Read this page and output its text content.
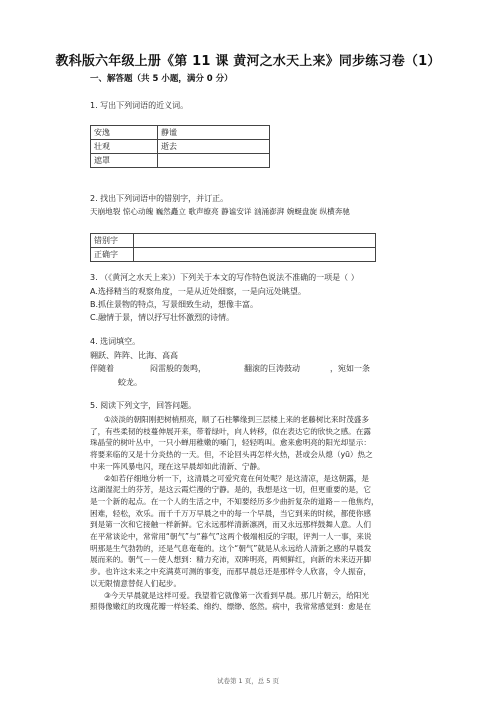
教科版六年级上册《第 11 课 黄河之水天上来》同步练习卷（1）
一、解答题（共 5 小题，满分 0 分）
1. 写出下列词语的近义词。
安逸	静谧
壮观	逝去
遮罩	
2. 找出下列词语中的错别字，并订正。
天崩地裂 惊心动魄 巍然矗立 歌声缭亮 静谧安详 汹涌澎湃 婉蜒盘旋 纵横奔驰
错别字	
正确字	
3. （《黄河之水天上来》）下列关于本文的写作特色说法不准确的一项是（ ）
A.选择精当的观察角度，一是从近处细察，一是向远处眺望。
B.抓住景物的特点，写景细致生动，想像丰富。
C.融情于景，情以抒写壮怀激烈的诗情。
4. 选词填空。
翱跃、阵阵、比海、高高
伴随着	闷雷般的轰鸣，	翻滚的巨涛鼓动	，宛如一条
蛟龙。
5. 阅读下列文字，回答问题。
①淡淡的朝阳刚把树梢照亮，顺了石柱攀缘到三层楼上来的老藤树比来时茂盛多
了，有些柔韧的枝蔓伸展开来，带着绿叶，向人转移，似在表达它的欣快之感。在露
珠晶莹的树叶丛中，一只小蝉用稚嫩的嗓门，轻轻鸣叫。愈来愈明亮的阳光却显示：
将要来临的又是十分炎热的一天。但，不论回头再怎样火热，甚或会从熄（yū）热之
中来一阵风暴电闪，现在这早晨却如此清新、宁静。
②如若仔细地分析一下，这清晨之可爱究竟在何处呢？是这清凉，是这朝露，是
这湖湿泥土的芬芳，是这云霞烂漫的宁静。是的，我想是这一切，但更重要的是，它
是一个新的起点。在一个人的生活之中，不知要经历多少曲折复杂的道路－－他焦灼，
困难，轻松，欢乐。而千千万万早晨之中的每一个早晨，当它到来的时候，都使你感
到是第一次和它接触一样新鲜。它永远那样清新凛冽，而又永远那样鼓舞人意。人们
在平常谈论中，常常用“朝气”与“暮气”这两个极端相反的字眼，评判一人一事，来说
明那是生气勃勃的，还是气息奄奄的。这个“朝气”就是从永远给人清新之感的早晨发
展而来的。朝气－－使人想到：精力充沛，双眸明亮，两颊鲜红，向新的未来迈开脚
步。也许这未来之中充满莫可测的事变，而那早晨总还是那样令人欣喜，令人振奋，
以无限情意替促人们起步。
③今天早晨就是这样可爱。我望着它就像第一次看到早晨。那几片朝云，给阳光
照得像嫩红的玫瑰花瓣一样轻柔、绵约、缥缈、悠然。病中，我常常感觉到：愈是在
试卷第 1 页，总 5 页
